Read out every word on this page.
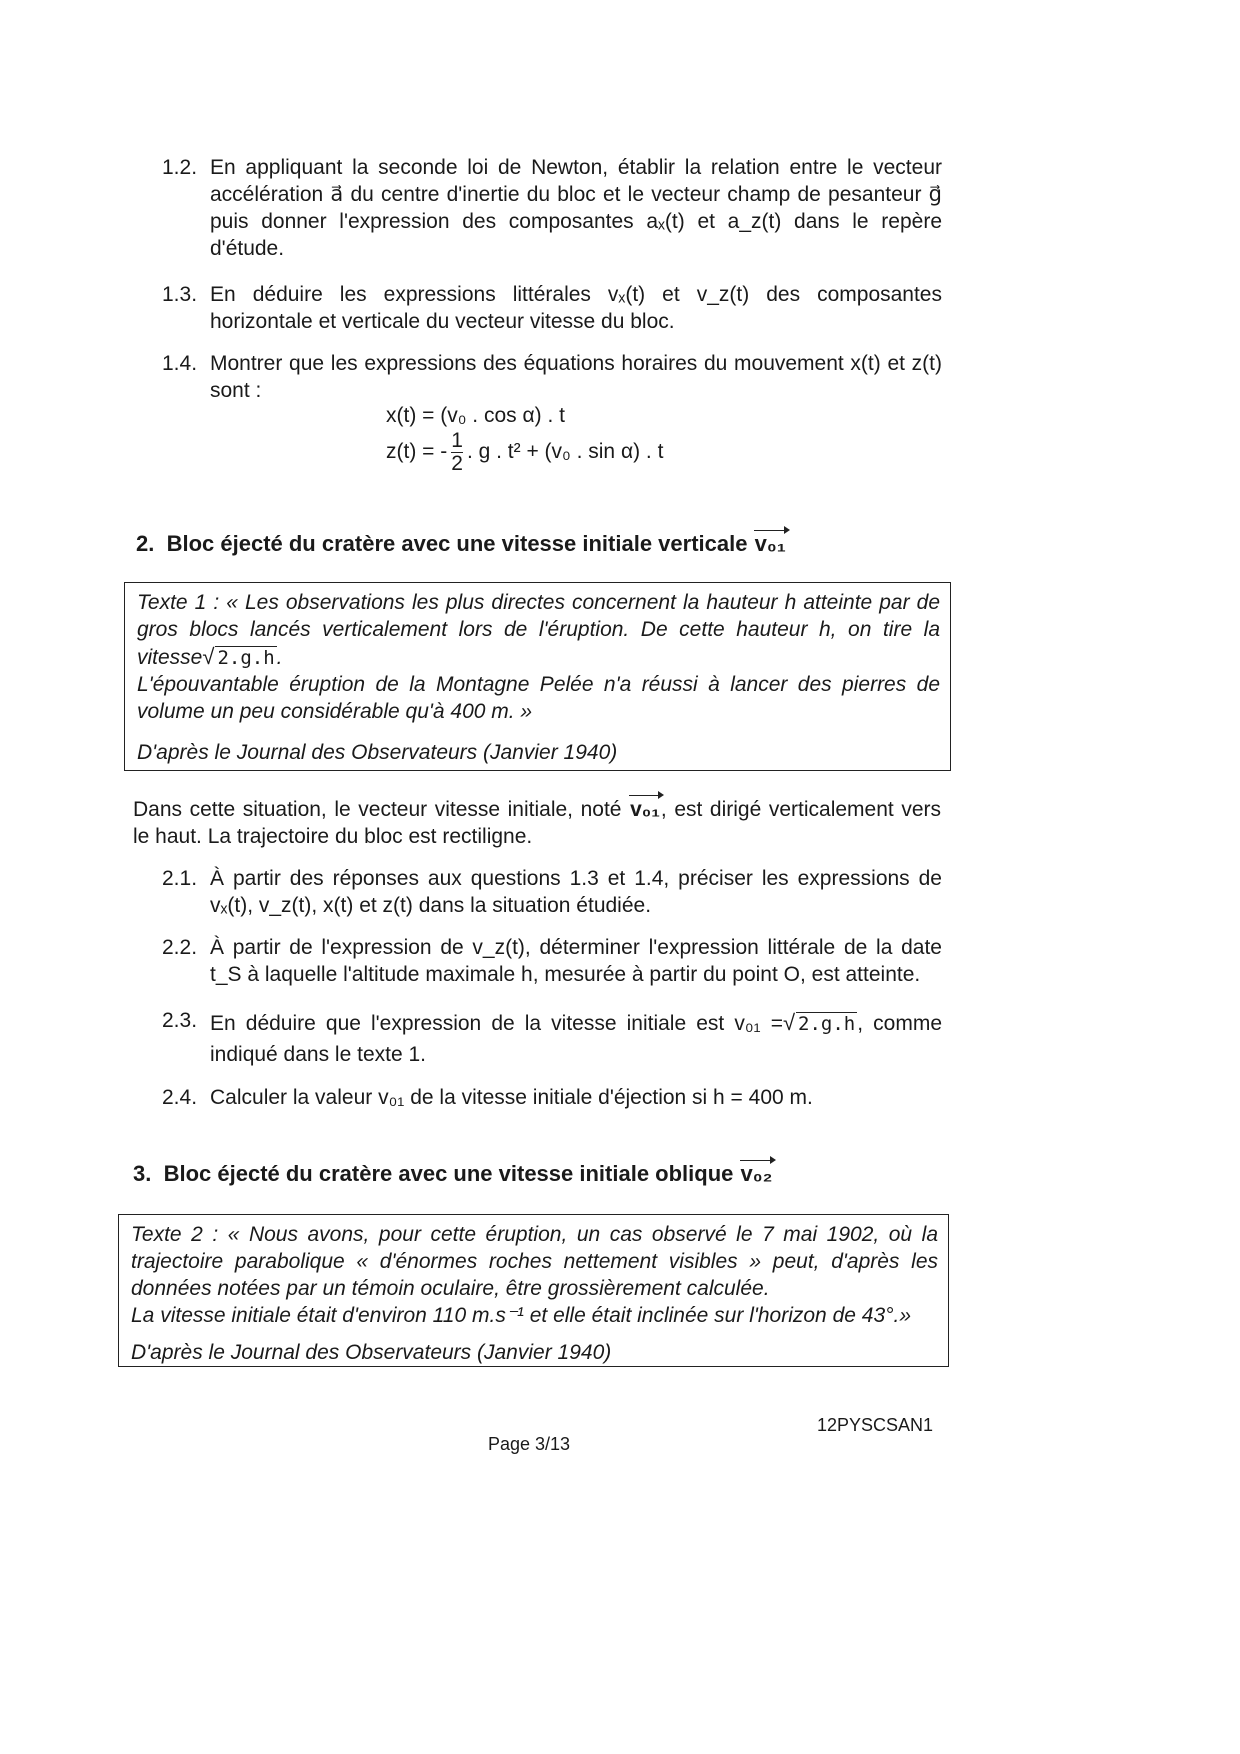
1.2. En appliquant la seconde loi de Newton, établir la relation entre le vecteur accélération a⃗ du centre d'inertie du bloc et le vecteur champ de pesanteur g⃗ puis donner l'expression des composantes aₓ(t) et a_z(t) dans le repère d'étude.

1.3. En déduire les expressions littérales vₓ(t) et v_z(t) des composantes horizontale et verticale du vecteur vitesse du bloc.

1.4. Montrer que les expressions des équations horaires du mouvement x(t) et z(t) sont :

x(t) = (v₀ . cos α) . t
z(t) = - $\frac{1}{2}$ . g . t² + (v₀ . sin α) . t
2. Bloc éjecté du cratère avec une vitesse initiale verticale v₀₁

Texte 1 : « Les observations les plus directes concernent la hauteur h atteinte par de gros blocs lancés verticalement lors de l'éruption. De cette hauteur h, on tire la vitesse√ 2.g.h.

L'épouvantable éruption de la Montagne Pelée n'a réussi à lancer des pierres de volume un peu considérable qu'à 400 m. »

D'après le Journal des Observateurs (Janvier 1940)

Dans cette situation, le vecteur vitesse initiale, noté v₀₁, est dirigé verticalement vers le haut. La trajectoire du bloc est rectiligne.

2.1. À partir des réponses aux questions 1.3 et 1.4, préciser les expressions de vₓ(t), v_z(t), x(t) et z(t) dans la situation étudiée.

2.2. À partir de l'expression de v_z(t), déterminer l'expression littérale de la date t_S à laquelle l'altitude maximale h, mesurée à partir du point O, est atteinte.

2.3. En déduire que l'expression de la vitesse initiale est v₀₁ =√ 2.g.h, comme indiqué dans le texte 1.

2.4. Calculer la valeur v₀₁ de la vitesse initiale d'éjection si h = 400 m.

3. Bloc éjecté du cratère avec une vitesse initiale oblique v₀₂

Texte 2 : « Nous avons, pour cette éruption, un cas observé le 7 mai 1902, où la trajectoire parabolique « d'énormes roches nettement visibles » peut, d'après les données notées par un témoin oculaire, être grossièrement calculée.

La vitesse initiale était d'environ 110 m.s⁻¹ et elle était inclinée sur l'horizon de 43°.»

D'après le Journal des Observateurs (Janvier 1940)

12PYSCSAN1
Page 3/13
